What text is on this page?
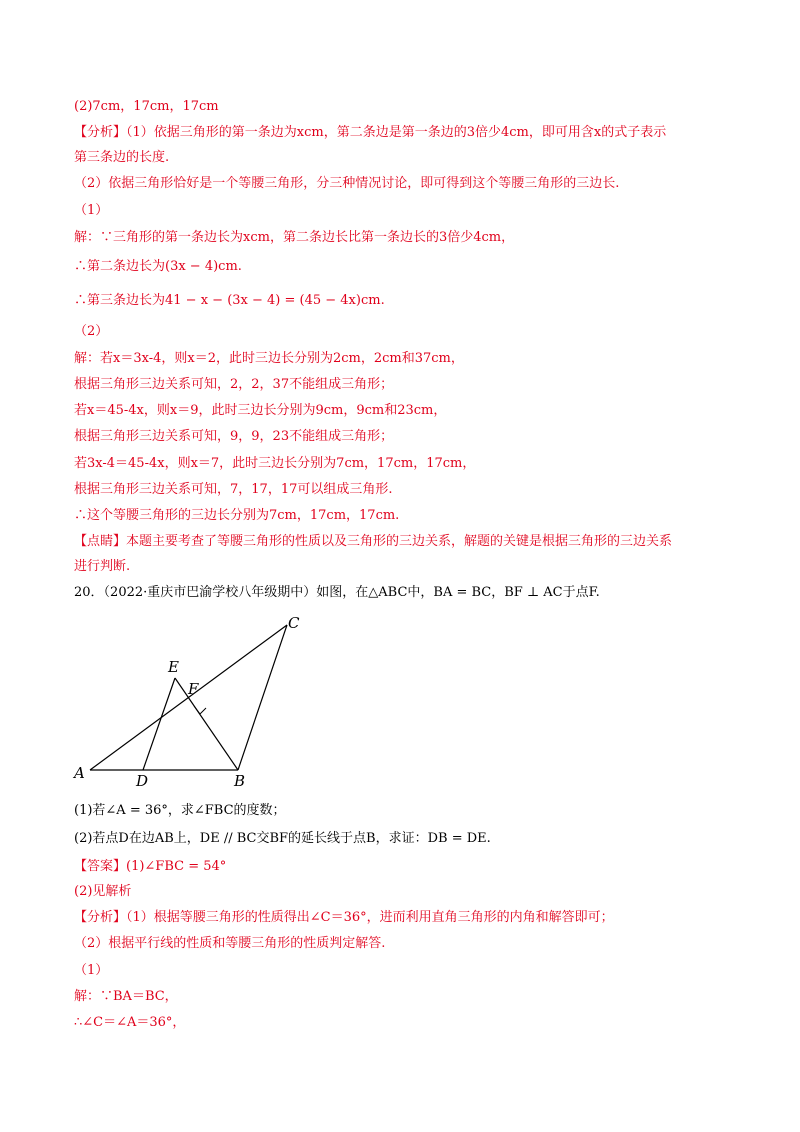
(2)7cm，17cm，17cm
【分析】（1）依据三角形的第一条边为xcm，第二条边是第一条边的3倍少4cm，即可用含x的式子表示
第三条边的长度.
（2）依据三角形恰好是一个等腰三角形，分三种情况讨论，即可得到这个等腰三角形的三边长.
（1）
解：∵三角形的第一条边长为xcm，第二条边长比第一条边长的3倍少4cm，
∴第二条边长为(3x − 4)cm.
∴第三条边长为41 − x − (3x − 4) = (45 − 4x)cm.
（2）
解：若x＝3x-4，则x＝2，此时三边长分别为2cm，2cm和37cm，
根据三角形三边关系可知，2，2，37不能组成三角形；
若x＝45-4x，则x＝9，此时三边长分别为9cm，9cm和23cm，
根据三角形三边关系可知，9，9，23不能组成三角形；
若3x-4＝45-4x，则x＝7，此时三边长分别为7cm，17cm，17cm，
根据三角形三边关系可知，7，17，17可以组成三角形.
∴这个等腰三角形的三边长分别为7cm，17cm，17cm.
【点睛】本题主要考查了等腰三角形的性质以及三角形的三边关系，解题的关键是根据三角形的三边关系
进行判断.
20．（2022·重庆市巴渝学校八年级期中）如图，在△ABC中，BA = BC，BF ⊥ AC于点F.
A	D	B
C
E
F
(1)若∠A = 36°，求∠FBC的度数；
(2)若点D在边AB上，DE // BC交BF的延长线于点B，求证：DB = DE.
【答案】(1)∠FBC = 54°
(2)见解析
【分析】（1）根据等腰三角形的性质得出∠C＝36°，进而利用直角三角形的内角和解答即可；
（2）根据平行线的性质和等腰三角形的性质判定解答.
（1）
解：∵BA＝BC，
∴∠C＝∠A＝36°，
